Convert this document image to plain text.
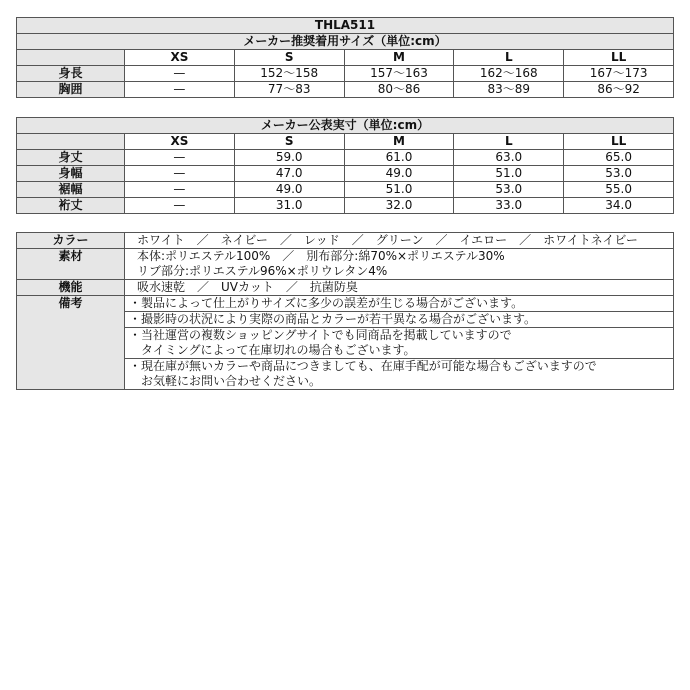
THLA511					
メーカー推奨着用サイズ（単位:cm）					
	XS	S	M	L	LL
身長	—	152〜158	157〜163	162〜168	167〜173
胸囲	—	77〜83	80〜86	83〜89	86〜92
メーカー公表実寸（単位:cm）					
	XS	S	M	L	LL
身丈	—	59.0	61.0	63.0	65.0
身幅	—	47.0	49.0	51.0	53.0
裾幅	—	49.0	51.0	53.0	55.0
裄丈	—	31.0	32.0	33.0	34.0
カラー	ホワイト　／　ネイビー　／　レッド　／　グリーン　／　イエロー　／　ホワイトネイビー
素材	本体:ポリエステル100%　／　別布部分:綿70%×ポリエステル30%
リブ部分:ポリエステル96%×ポリウレタン4%

機能	吸水速乾　／　UVカット　／　抗菌防臭
備考	・製品によって仕上がりサイズに多少の誤差が生じる場合がございます。

	・撮影時の状況により実際の商品とカラーが若干異なる場合がございます。

	・当社運営の複数ショッピングサイトでも同商品を掲載していますので
　タイミングによって在庫切れの場合もございます。

	・現在庫が無いカラーや商品につきましても、在庫手配が可能な場合もございますので
　お気軽にお問い合わせください。
